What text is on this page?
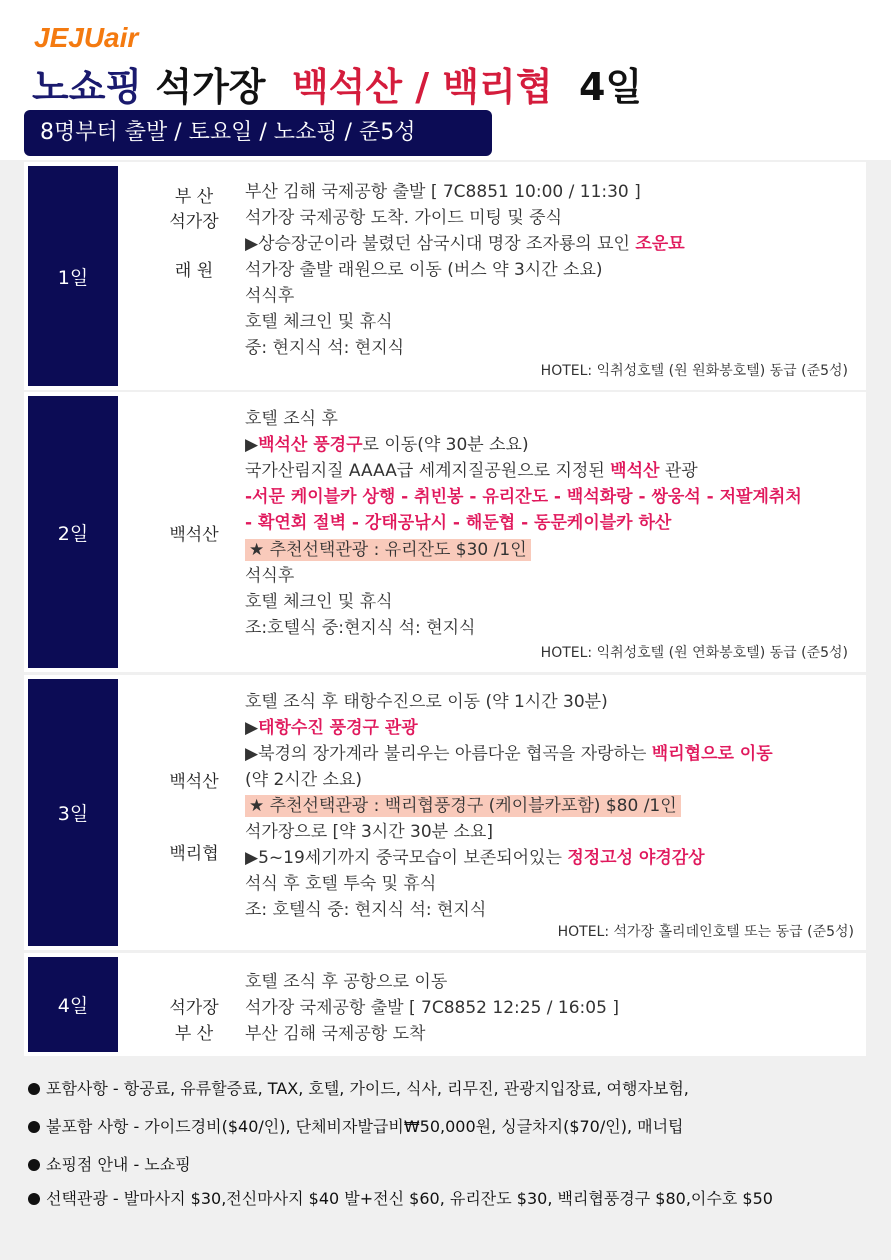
JEJUair
노쇼핑 석가장 백석산 / 백리협 4일
8명부터 출발 / 토요일 / 노쇼핑 / 준5성
1일
부 산
석가장
래 원
부산 김해 국제공항 출발 [ 7C8851 10:00 / 11:30 ]
석가장 국제공항 도착. 가이드 미팅 및 중식
▶상승장군이라 불렸던 삼국시대 명장 조자룡의 묘인 조운묘
석가장 출발 래원으로 이동 (버스 약 3시간 소요)
석식후
호텔 체크인 및 휴식
중: 현지식 석: 현지식
HOTEL: 익취성호텔 (원 원화봉호텔) 동급 (준5성)
2일	백석산
호텔 조식 후
▶백석산 풍경구로 이동(약 30분 소요)
국가산림지질 AAAA급 세계지질공원으로 지정된 백석산 관광
-서문 케이블카 상행 - 취빈봉 - 유리잔도 - 백석화랑 - 쌍웅석 - 저팔계취처
- 확연회 절벽 - 강태공낚시 - 해둔협 - 동문케이블카 하산
★ 추천선택관광 : 유리잔도 $30 /1인
석식후
호텔 체크인 및 휴식
조:호텔식 중:현지식 석: 현지식
HOTEL: 익취성호텔 (원 연화봉호텔) 동급 (준5성)
3일
백석산
백리협
호텔 조식 후 태항수진으로 이동 (약 1시간 30분)
▶태항수진 풍경구 관광
▶북경의 장가계라 불리우는 아름다운 협곡을 자랑하는 백리협으로 이동
(약 2시간 소요)
★ 추천선택관광 : 백리협풍경구 (케이블카포함) $80 /1인
석가장으로 [약 3시간 30분 소요]
▶5~19세기까지 중국모습이 보존되어있는 정정고성 야경감상
석식 후 호텔 투숙 및 휴식
조: 호텔식 중: 현지식 석: 현지식
HOTEL: 석가장 홀리데인호텔 또는 동급 (준5성)
4일	석가장
부 산
호텔 조식 후 공항으로 이동
석가장 국제공항 출발 [ 7C8852 12:25 / 16:05 ]
부산 김해 국제공항 도착
포함사항 - 항공료, 유류할증료, TAX, 호텔, 가이드, 식사, 리무진, 관광지입장료, 여행자보험,
불포함 사항 - 가이드경비($40/인), 단체비자발급비₩50,000원, 싱글차지($70/인), 매너팁
쇼핑점 안내 - 노쇼핑
선택관광 - 발마사지 $30,전신마사지 $40 발+전신 $60, 유리잔도 $30, 백리협풍경구 $80,이수호 $50
